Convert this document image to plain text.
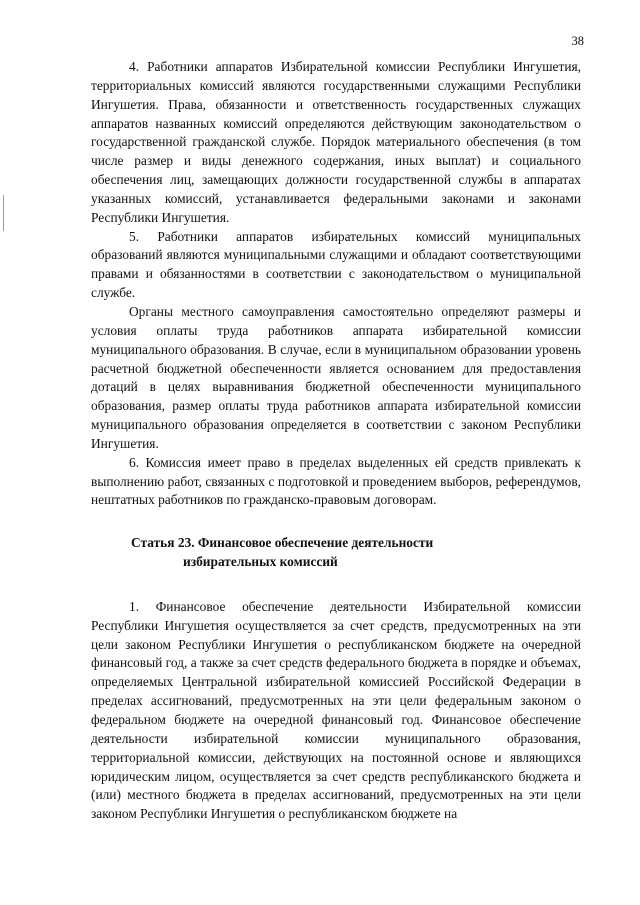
38

4. Работники аппаратов Избирательной комиссии Республики Ингушетия, территориальных комиссий являются государственными служащими Республики Ингушетия. Права, обязанности и ответственность государственных служащих аппаратов названных комиссий определяются действующим законодательством о государственной гражданской службе. Порядок материального обеспечения (в том числе размер и виды денежного содержания, иных выплат) и социального обеспечения лиц, замещающих должности государственной службы в аппаратах указанных комиссий, устанавливается федеральными законами и законами Республики Ингушетия.

5. Работники аппаратов избирательных комиссий муниципальных образований являются муниципальными служащими и обладают соответствующими правами и обязанностями в соответствии с законодательством о муниципальной службе.

Органы местного самоуправления самостоятельно определяют размеры и условия оплаты труда работников аппарата избирательной комиссии муниципального образования. В случае, если в муниципальном образовании уровень расчетной бюджетной обеспеченности является основанием для предоставления дотаций в целях выравнивания бюджетной обеспеченности муниципального образования, размер оплаты труда работников аппарата избирательной комиссии муниципального образования определяется в соответствии с законом Республики Ингушетия.

6. Комиссия имеет право в пределах выделенных ей средств привлекать к выполнению работ, связанных с подготовкой и проведением выборов, референдумов, нештатных работников по гражданско-правовым договорам.

Статья 23. Финансовое обеспечение деятельности
избирательных комиссий

1. Финансовое обеспечение деятельности Избирательной комиссии Республики Ингушетия осуществляется за счет средств, предусмотренных на эти цели законом Республики Ингушетия о республиканском бюджете на очередной финансовый год, а также за счет средств федерального бюджета в порядке и объемах, определяемых Центральной избирательной комиссией Российской Федерации в пределах ассигнований, предусмотренных на эти цели федеральным законом о федеральном бюджете на очередной финансовый год. Финансовое обеспечение деятельности избирательной комиссии муниципального образования, территориальной комиссии, действующих на постоянной основе и являющихся юридическим лицом, осуществляется за счет средств республиканского бюджета и (или) местного бюджета в пределах ассигнований, предусмотренных на эти цели законом Республики Ингушетия о республиканском бюджете на
